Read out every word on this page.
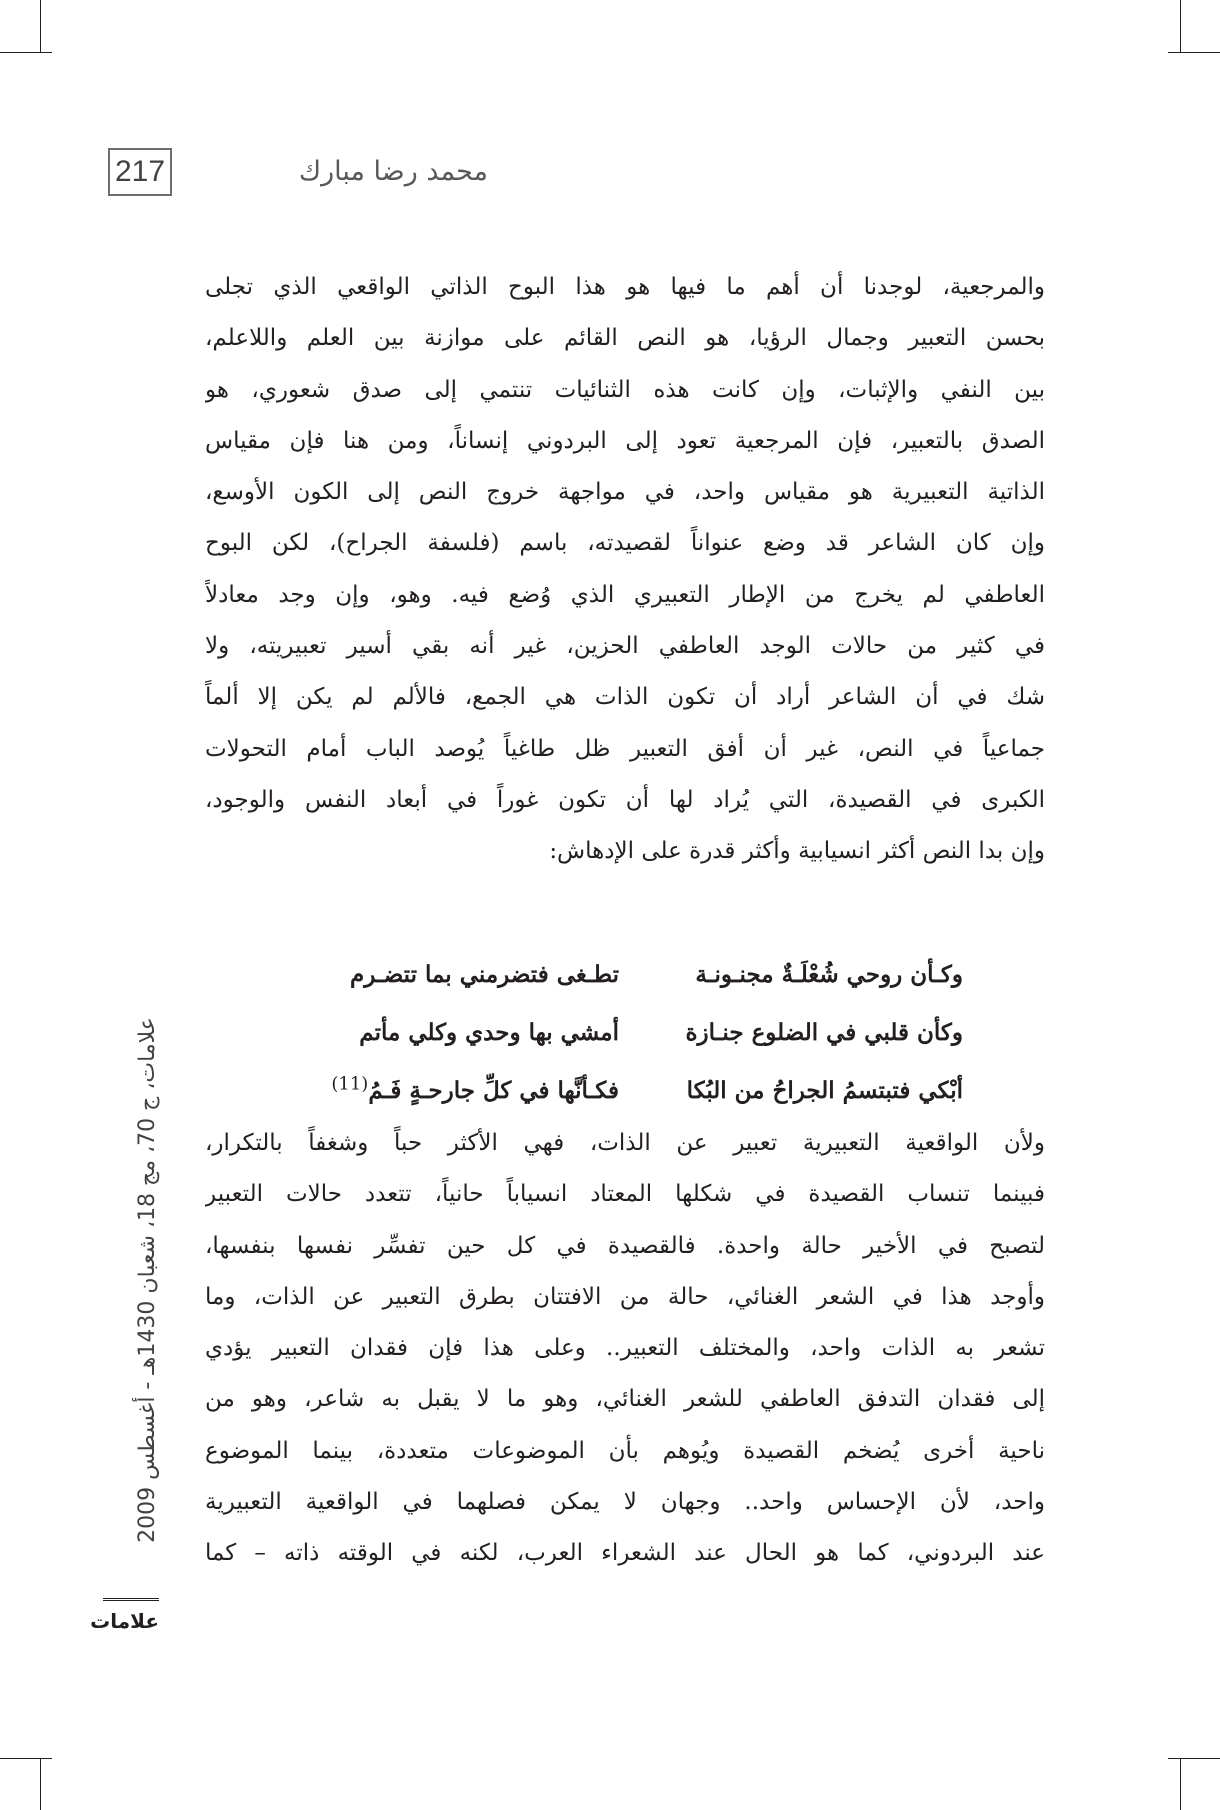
217	محمد رضا مبارك
والمرجعية، لوجدنا أن أهم ما فيها هو هذا البوح الذاتي الواقعي الذي تجلى
بحسن التعبير وجمال الرؤيا، هو النص القائم على موازنة بين العلم واللاعلم،
بين النفي والإثبات، وإن كانت هذه الثنائيات تنتمي إلى صدق شعوري، هو
الصدق بالتعبير، فإن المرجعية تعود إلى البردوني إنساناً، ومن هنا فإن مقياس
الذاتية التعبيرية هو مقياس واحد، في مواجهة خروج النص إلى الكون الأوسع،
وإن كان الشاعر قد وضع عنواناً لقصيدته، باسم (فلسفة الجراح)، لكن البوح
العاطفي لم يخرج من الإطار التعبيري الذي وُضع فيه. وهو، وإن وجد معادلاً
في كثير من حالات الوجد العاطفي الحزين، غير أنه بقي أسير تعبيريته، ولا
شك في أن الشاعر أراد أن تكون الذات هي الجمع، فالألم لم يكن إلا ألماً
جماعياً في النص، غير أن أفق التعبير ظل طاغياً يُوصد الباب أمام التحولات
الكبرى في القصيدة، التي يُراد لها أن تكون غوراً في أبعاد النفس والوجود،
وإن بدا النص أكثر انسيابية وأكثر قدرة على الإدهاش:
وكـأن روحي شُعْلَـةٌ مجنـونـة
تطـغى فتضرمني بما تتضـرم
وكأن قلبي في الضلوع جنـازة
أمشي بها وحدي وكلي مأتم
أبْكي فتبتسمُ الجراحُ من البُكا
فكـأنَّها في كلِّ جارحـةٍ فَـمُ$^{(11)}$
ولأن الواقعية التعبيرية تعبير عن الذات، فهي الأكثر حباً وشغفاً بالتكرار،
فبينما تنساب القصيدة في شكلها المعتاد انسياباً حانياً، تتعدد حالات التعبير
لتصبح في الأخير حالة واحدة. فالقصيدة في كل حين تفسِّر نفسها بنفسها،
وأوجد هذا في الشعر الغنائي، حالة من الافتتان بطرق التعبير عن الذات، وما
تشعر به الذات واحد، والمختلف التعبير.. وعلى هذا فإن فقدان التعبير يؤدي
إلى فقدان التدفق العاطفي للشعر الغنائي، وهو ما لا يقبل به شاعر، وهو من
ناحية أخرى يُضخم القصيدة ويُوهم بأن الموضوعات متعددة، بينما الموضوع
واحد، لأن الإحساس واحد.. وجهان لا يمكن فصلهما في الواقعية التعبيرية
عند البردوني، كما هو الحال عند الشعراء العرب، لكنه في الوقته ذاته – كما
علامات، ج 70، مج 18، شعبان 1430هـ - أغسطس 2009
علامات
